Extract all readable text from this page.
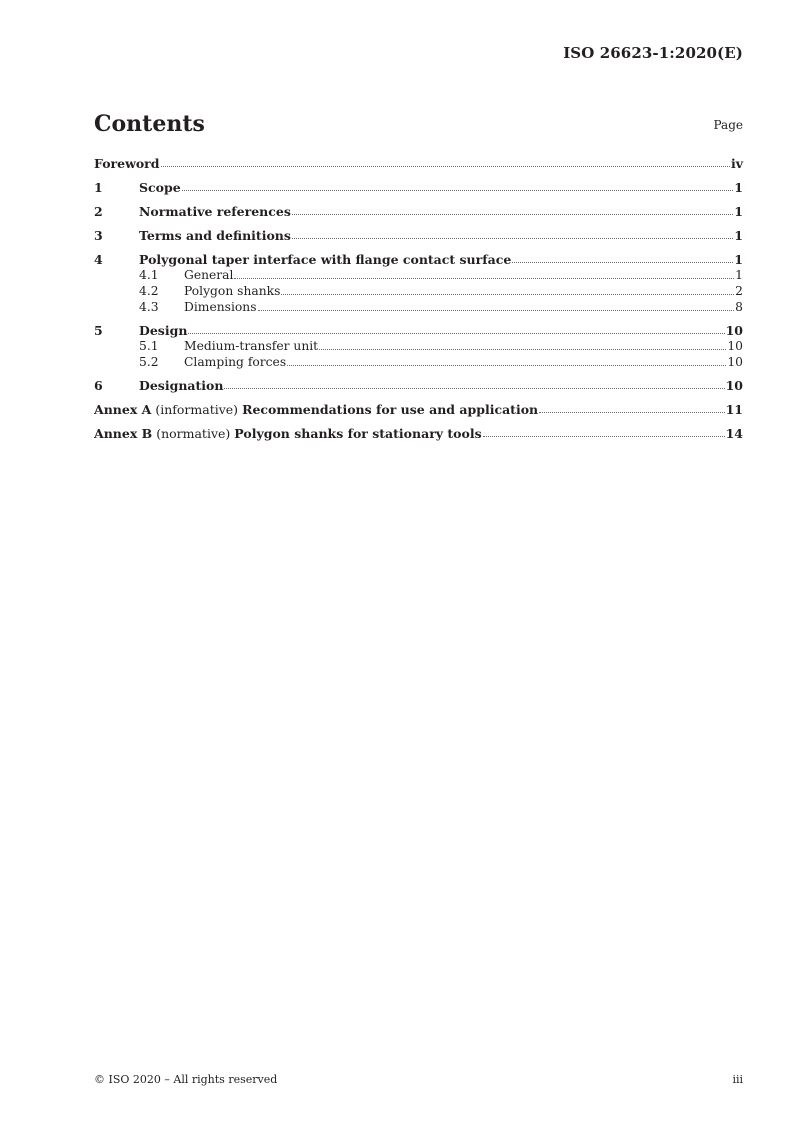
ISO 26623-1:2020(E)
Contents	Page
Foreword	iv
1	Scope	1
2	Normative references	1
3	Terms and definitions	1
4	Polygonal taper interface with flange contact surface	1
4.1	General	1
4.2	Polygon shanks	2
4.3	Dimensions	8
5	Design	10
5.1	Medium-transfer unit	10
5.2	Clamping forces	10
6	Designation	10
Annex A (informative) Recommendations for use and application	11
Annex B (normative) Polygon shanks for stationary tools	14
© ISO 2020 – All rights reserved	iii
